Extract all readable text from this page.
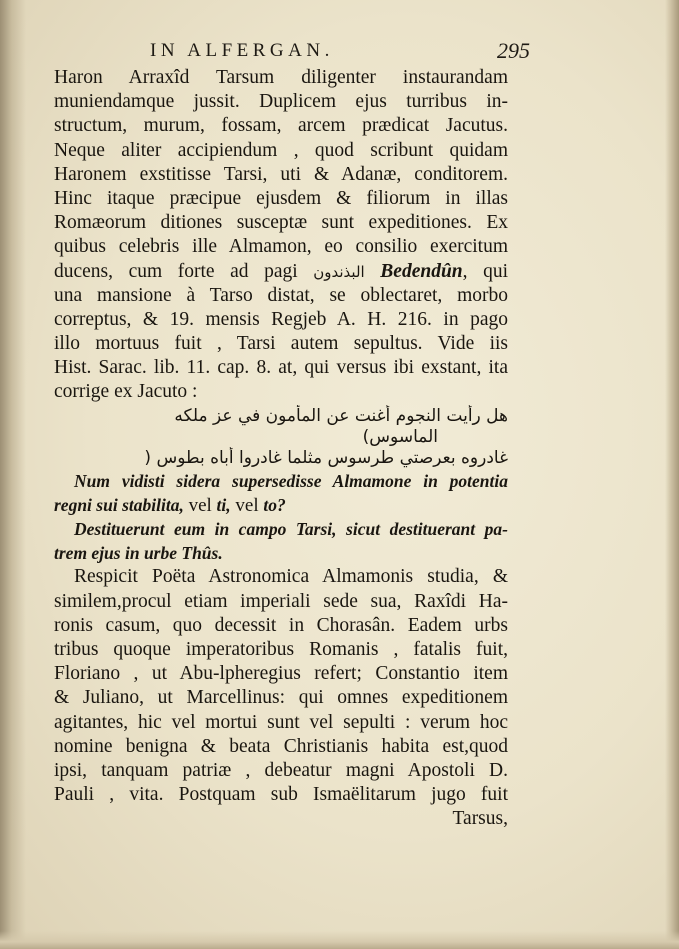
IN ALFERGAN.	295
Haron Arraxîd Tarsum diligenter instaurandam
muniendamque jussit. Duplicem ejus turribus in-
structum, murum, fossam, arcem prædicat Jacutus.
Neque aliter accipiendum , quod scribunt quidam
Haronem exstitisse Tarsi, uti & Adanæ, conditorem.
Hinc itaque præcipue ejusdem & filiorum in illas
Romæorum ditiones susceptæ sunt expeditiones. Ex
quibus celebris ille Almamon, eo consilio exercitum
ducens, cum forte ad pagi البذندون Bedendûn, qui
una mansione à Tarso distat, se oblectaret, morbo
correptus, & 19. mensis Regjeb A. H. 216. in pago
illo mortuus fuit , Tarsi autem sepultus. Vide iis
Hist. Sarac. lib. 11. cap. 8. at, qui versus ibi exstant, ita
corrige ex Jacuto :
هل رأيت النجوم أغنت عن المأمون في عز ملكه
الماسوس)
غادروه بعرصتي طرسوس مثلما غادروا أباه بطوس (
Num vidisti sidera supersedisse Almamone in potentia
regni sui stabilita, vel ti, vel to?
Destituerunt eum in campo Tarsi, sicut destituerant pa-
trem ejus in urbe Thûs.
Respicit Poëta Astronomica Almamonis studia, &
similem,procul etiam imperiali sede sua, Raxîdi Ha-
ronis casum, quo decessit in Chorasân. Eadem urbs
tribus quoque imperatoribus Romanis , fatalis fuit,
Floriano , ut Abu-lpheregius refert; Constantio item
& Juliano, ut Marcellinus: qui omnes expeditionem
agitantes, hic vel mortui sunt vel sepulti : verum hoc
nomine benigna & beata Christianis habita est,quod
ipsi, tanquam patriæ , debeatur magni Apostoli D.
Pauli , vita. Postquam sub Ismaëlitarum jugo fuit
Tarsus,
